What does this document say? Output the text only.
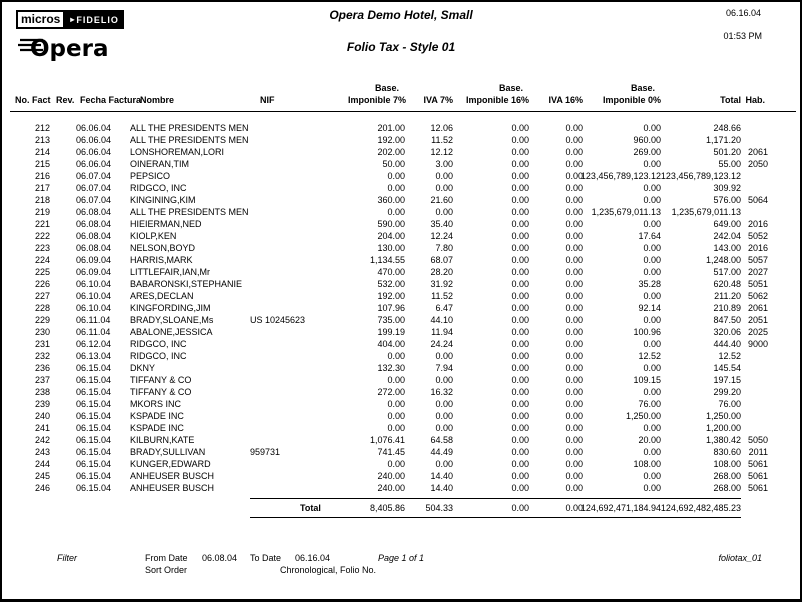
micros	▸ FIDELIO
Opera
Opera Demo Hotel, Small
Folio Tax - Style 01
06.16.04
01:53 PM
No. Fact	Rev.	Fecha Factura

Nombre	NIF

Base.
Imponible 7%	IVA 7%

Base.
Imponible 16%	IVA 16%

Base.
Imponible 0%	Total	Hab.

212		06.06.04	ALL THE PRESIDENTS MEN		201.00	12.06	0.00	0.00	0.00	248.66	
213		06.06.04	ALL THE PRESIDENTS MEN		192.00	11.52	0.00	0.00	960.00	1,171.20	
214		06.06.04	LONSHOREMAN,LORI		202.00	12.12	0.00	0.00	269.00	501.20	2061
215		06.06.04	OINERAN,TIM		50.00	3.00	0.00	0.00	0.00	55.00	2050
216		06.07.04	PEPSICO		0.00	0.00	0.00	0.00	123,456,789,123.12	123,456,789,123.12	
217		06.07.04	RIDGCO, INC		0.00	0.00	0.00	0.00	0.00	309.92	
218		06.07.04	KINGINING,KIM		360.00	21.60	0.00	0.00	0.00	576.00	5064
219		06.08.04	ALL THE PRESIDENTS MEN		0.00	0.00	0.00	0.00	1,235,679,011.13	1,235,679,011.13	
221		06.08.04	HIEIERMAN,NED		590.00	35.40	0.00	0.00	0.00	649.00	2016
222		06.08.04	KIOLP,KEN		204.00	12.24	0.00	0.00	17.64	242.04	5052
223		06.08.04	NELSON,BOYD		130.00	7.80	0.00	0.00	0.00	143.00	2016
224		06.09.04	HARRIS,MARK		1,134.55	68.07	0.00	0.00	0.00	1,248.00	5057
225		06.09.04	LITTLEFAIR,IAN,Mr		470.00	28.20	0.00	0.00	0.00	517.00	2027
226		06.10.04	BABARONSKI,STEPHANIE		532.00	31.92	0.00	0.00	35.28	620.48	5051
227		06.10.04	ARES,DECLAN		192.00	11.52	0.00	0.00	0.00	211.20	5062
228		06.10.04	KINGFORDING,JIM		107.96	6.47	0.00	0.00	92.14	210.89	2061
229		06.11.04	BRADY,SLOANE,Ms	US 10245623	735.00	44.10	0.00	0.00	0.00	847.50	2051
230		06.11.04	ABALONE,JESSICA		199.19	11.94	0.00	0.00	100.96	320.06	2025
231		06.12.04	RIDGCO, INC		404.00	24.24	0.00	0.00	0.00	444.40	9000
232		06.13.04	RIDGCO, INC		0.00	0.00	0.00	0.00	12.52	12.52	
236		06.15.04	DKNY		132.30	7.94	0.00	0.00	0.00	145.54	
237		06.15.04	TIFFANY & CO		0.00	0.00	0.00	0.00	109.15	197.15	
238		06.15.04	TIFFANY & CO		272.00	16.32	0.00	0.00	0.00	299.20	
239		06.15.04	MKORS INC		0.00	0.00	0.00	0.00	76.00	76.00	
240		06.15.04	KSPADE INC		0.00	0.00	0.00	0.00	1,250.00	1,250.00	
241		06.15.04	KSPADE INC		0.00	0.00	0.00	0.00	0.00	1,200.00	
242		06.15.04	KILBURN,KATE		1,076.41	64.58	0.00	0.00	20.00	1,380.42	5050
243		06.15.04	BRADY,SULLIVAN	959731	741.45	44.49	0.00	0.00	0.00	830.60	2011
244		06.15.04	KUNGER,EDWARD		0.00	0.00	0.00	0.00	108.00	108.00	5061
245		06.15.04	ANHEUSER BUSCH		240.00	14.40	0.00	0.00	0.00	268.00	5061
246		06.15.04	ANHEUSER BUSCH		240.00	14.40	0.00	0.00	0.00	268.00	5061

				Total	8,405.86	504.33	0.00	0.00	124,692,471,184.94	124,692,482,485.23	
Filter	From Date 06.08.04 To Date 06.16.04
Sort Order	Chronological, Folio No.
Page 1 of 1	foliotax_01
